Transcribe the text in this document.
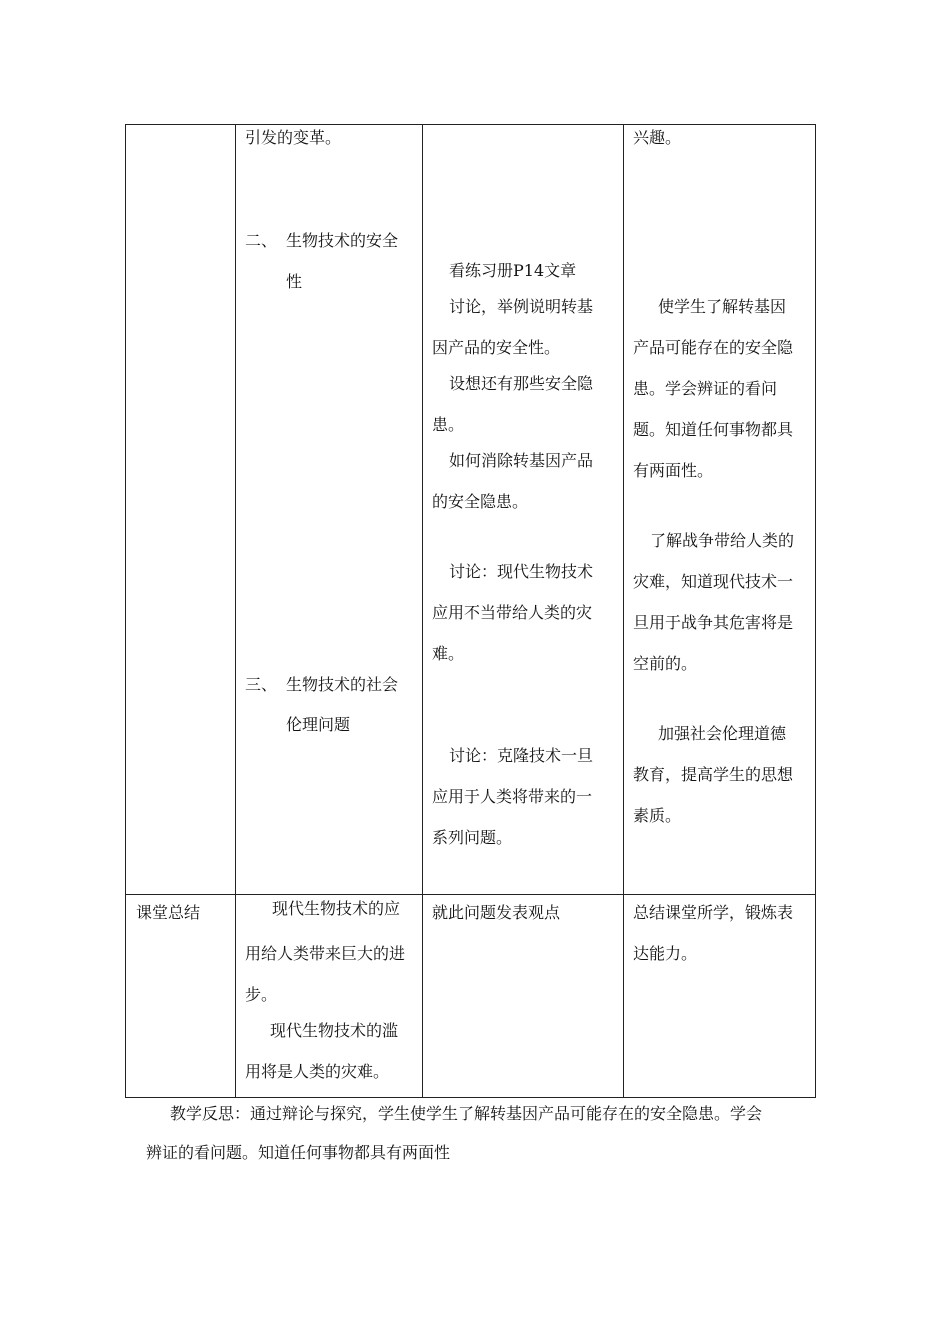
引发的变革。
二、 生物技术的安全
性
三、 生物技术的社会
伦理问题
看练习册P14文章
讨论，举例说明转基
因产品的安全性。
设想还有那些安全隐
患。
如何消除转基因产品
的安全隐患。
讨论：现代生物技术
应用不当带给人类的灾
难。
讨论：克隆技术一旦
应用于人类将带来的一
系列问题。
兴趣。
使学生了解转基因
产品可能存在的安全隐
患。学会辨证的看问
题。知道任何事物都具
有两面性。
了解战争带给人类的
灾难，知道现代技术一
旦用于战争其危害将是
空前的。
加强社会伦理道德
教育，提高学生的思想
素质。
课堂总结	现代生物技术的应
用给人类带来巨大的进
步。
现代生物技术的滥
用将是人类的灾难。
就此问题发表观点	总结课堂所学，锻炼表
达能力。
教学反思：通过辩论与探究，学生使学生了解转基因产品可能存在的安全隐患。学会
辨证的看问题。知道任何事物都具有两面性
